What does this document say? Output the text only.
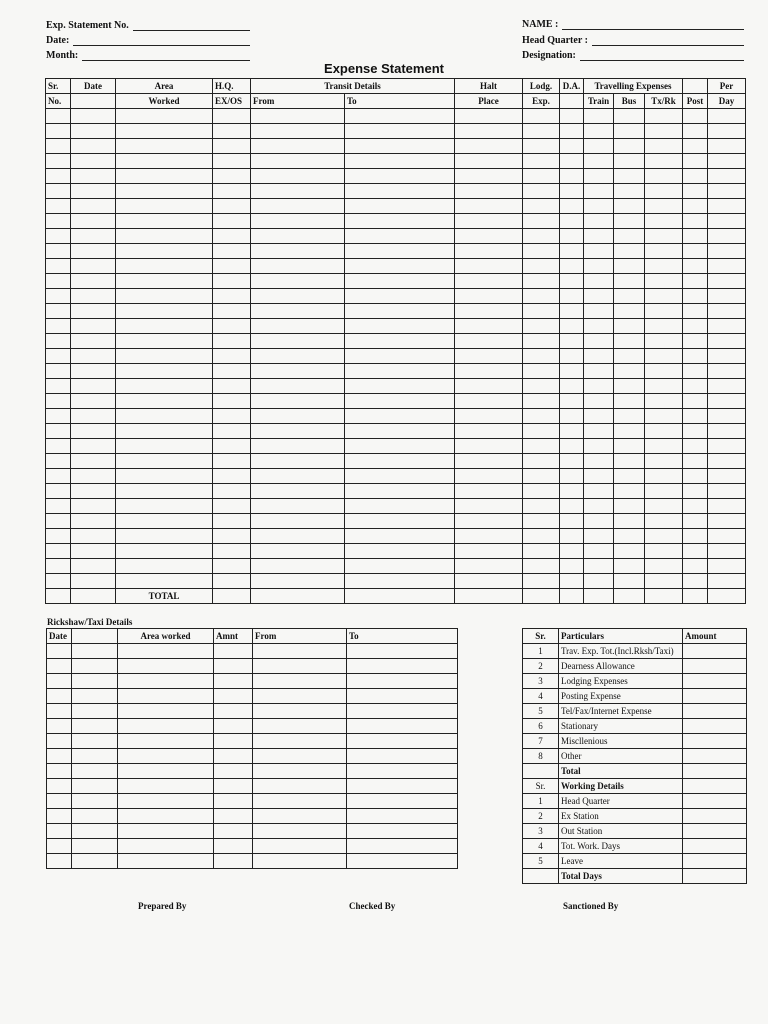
Exp. Statement No.
Date:
Month:
NAME :
Head Quarter :
Designation:
Expense Statement
Sr.	Date	Area	H.Q.	Transit Details		Halt	Lodg.	D.A.	Travelling Expenses				Per
No.		Worked	EX/OS	From	To	Place	Exp.		Train	Bus	Tx/Rk	Post	Day

		TOTAL											
Rickshaw/Taxi Details
Date		Area worked	Amnt	From	To

						Sr.	Particulars	Amount
1	Trav. Exp. Tot.(Incl.Rksh/Taxi)	
2	Dearness Allowance	
3	Lodging Expenses	
4	Posting Expense	
5	Tel/Fax/Internet Expense	
6	Stationary	
7	Miscllenious	
8	Other	
	Total	
Sr.	Working Details	
1	Head Quarter	
2	Ex Station	
3	Out Station	
4	Tot. Work. Days	
5	Leave	
	Total Days	
Prepared By	Checked By	Sanctioned By
